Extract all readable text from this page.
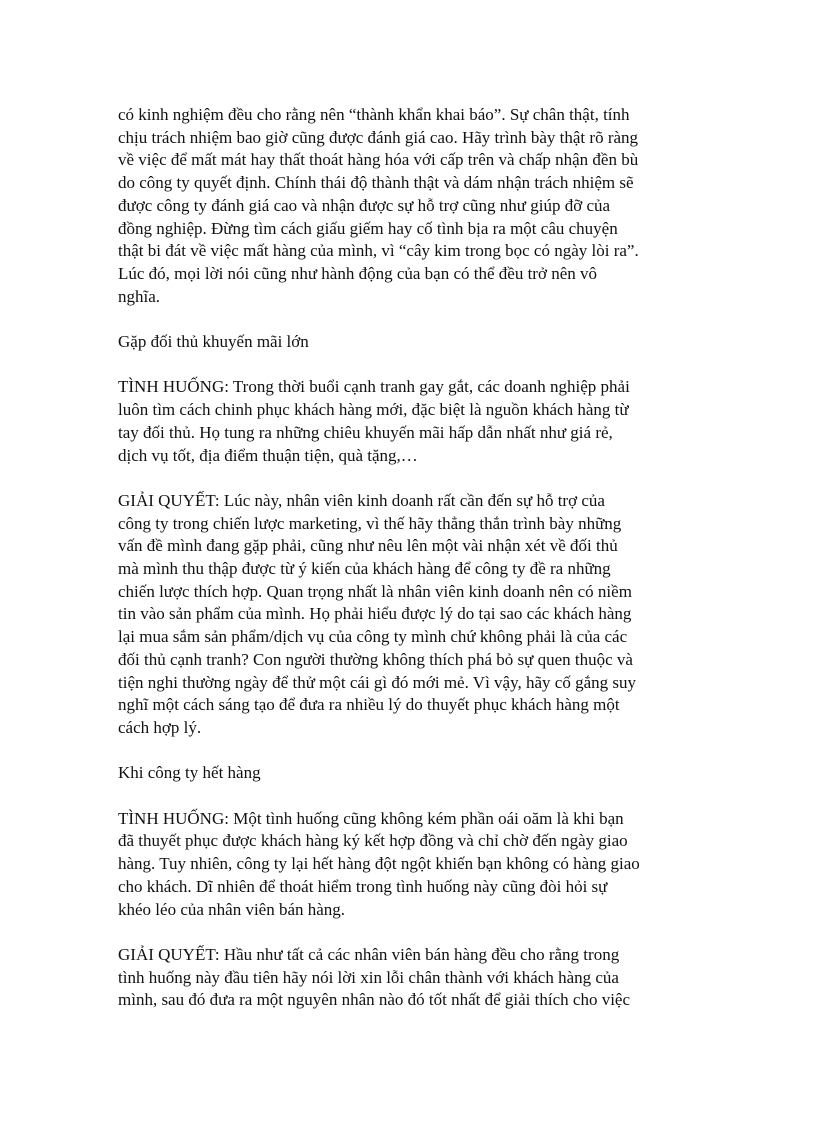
có kinh nghiệm đều cho rằng nên “thành khẩn khai báo”. Sự chân thật, tính
chịu trách nhiệm bao giờ cũng được đánh giá cao. Hãy trình bày thật rõ ràng
về việc để mất mát hay thất thoát hàng hóa với cấp trên và chấp nhận đền bù
do công ty quyết định. Chính thái độ thành thật và dám nhận trách nhiệm sẽ
được công ty đánh giá cao và nhận được sự hỗ trợ cũng như giúp đỡ của
đồng nghiệp. Đừng tìm cách giấu giếm hay cố tình bịa ra một câu chuyện
thật bi đát về việc mất hàng của mình, vì “cây kim trong bọc có ngày lòi ra”.
Lúc đó, mọi lời nói cũng như hành động của bạn có thể đều trở nên vô
nghĩa.
Gặp đối thủ khuyến mãi lớn
TÌNH HUỐNG: Trong thời buổi cạnh tranh gay gắt, các doanh nghiệp phải
luôn tìm cách chinh phục khách hàng mới, đặc biệt là nguồn khách hàng từ
tay đối thủ. Họ tung ra những chiêu khuyến mãi hấp dẫn nhất như giá rẻ,
dịch vụ tốt, địa điểm thuận tiện, quà tặng,…
GIẢI QUYẾT: Lúc này, nhân viên kinh doanh rất cần đến sự hỗ trợ của
công ty trong chiến lược marketing, vì thế hãy thẳng thắn trình bày những
vấn đề mình đang gặp phải, cũng như nêu lên một vài nhận xét về đối thủ
mà mình thu thập được từ ý kiến của khách hàng để công ty đề ra những
chiến lược thích hợp. Quan trọng nhất là nhân viên kinh doanh nên có niềm
tin vào sản phẩm của mình. Họ phải hiểu được lý do tại sao các khách hàng
lại mua sắm sản phẩm/dịch vụ của công ty mình chứ không phải là của các
đối thủ cạnh tranh? Con người thường không thích phá bỏ sự quen thuộc và
tiện nghi thường ngày để thử một cái gì đó mới mẻ. Vì vậy, hãy cố gắng suy
nghĩ một cách sáng tạo để đưa ra nhiều lý do thuyết phục khách hàng một
cách hợp lý.
Khi công ty hết hàng
TÌNH HUỐNG: Một tình huống cũng không kém phần oái oăm là khi bạn
đã thuyết phục được khách hàng ký kết hợp đồng và chỉ chờ đến ngày giao
hàng. Tuy nhiên, công ty lại hết hàng đột ngột khiến bạn không có hàng giao
cho khách. Dĩ nhiên để thoát hiểm trong tình huống này cũng đòi hỏi sự
khéo léo của nhân viên bán hàng.
GIẢI QUYẾT: Hầu như tất cả các nhân viên bán hàng đều cho rằng trong
tình huống này đầu tiên hãy nói lời xin lỗi chân thành với khách hàng của
mình, sau đó đưa ra một nguyên nhân nào đó tốt nhất để giải thích cho việc
